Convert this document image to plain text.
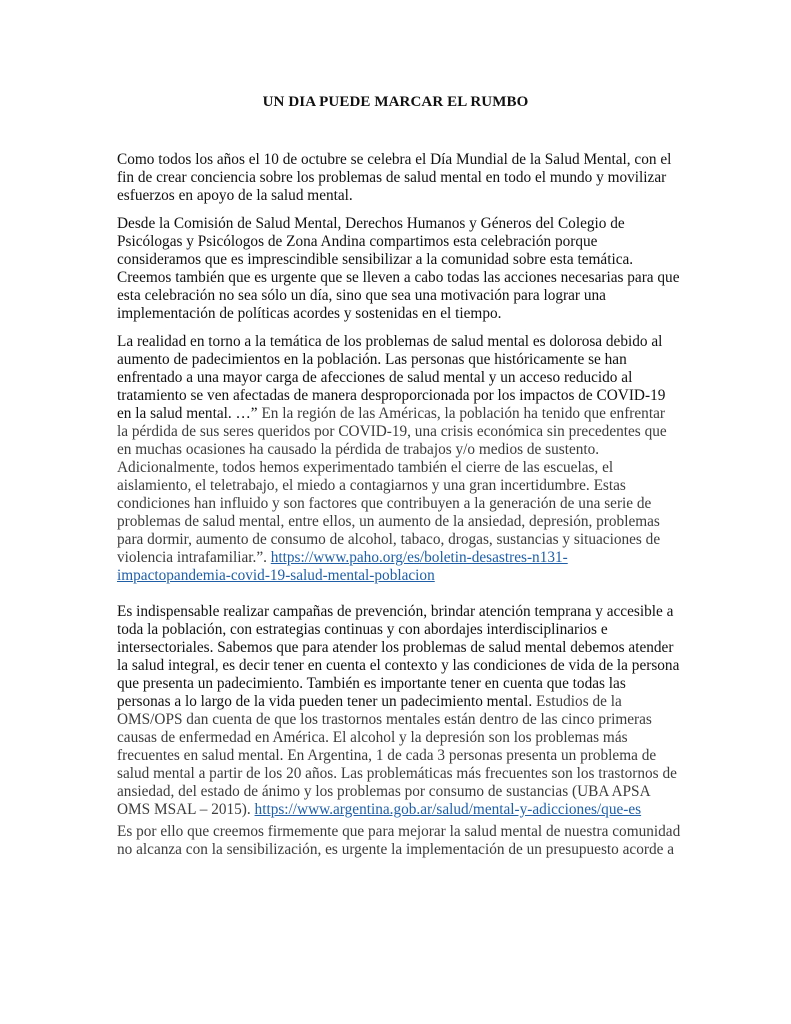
UN DIA PUEDE MARCAR EL RUMBO
Como todos los años el 10 de octubre se celebra el Día Mundial de la Salud Mental, con el
fin de crear conciencia sobre los problemas de salud mental en todo el mundo y movilizar
esfuerzos en apoyo de la salud mental.
Desde la Comisión de Salud Mental, Derechos Humanos y Géneros del Colegio de
Psicólogas y Psicólogos de Zona Andina compartimos esta celebración porque
consideramos que es imprescindible sensibilizar a la comunidad sobre esta temática.
Creemos también que es urgente que se lleven a cabo todas las acciones necesarias para que
esta celebración no sea sólo un día, sino que sea una motivación para lograr una
implementación de políticas acordes y sostenidas en el tiempo.
La realidad en torno a la temática de los problemas de salud mental es dolorosa debido al
aumento de padecimientos en la población. Las personas que históricamente se han
enfrentado a una mayor carga de afecciones de salud mental y un acceso reducido al
tratamiento se ven afectadas de manera desproporcionada por los impactos de COVID-19
en la salud mental. …” En la región de las Américas, la población ha tenido que enfrentar
la pérdida de sus seres queridos por COVID-19, una crisis económica sin precedentes que
en muchas ocasiones ha causado la pérdida de trabajos y/o medios de sustento.
Adicionalmente, todos hemos experimentado también el cierre de las escuelas, el
aislamiento, el teletrabajo, el miedo a contagiarnos y una gran incertidumbre. Estas
condiciones han influido y son factores que contribuyen a la generación de una serie de
problemas de salud mental, entre ellos, un aumento de la ansiedad, depresión, problemas
para dormir, aumento de consumo de alcohol, tabaco, drogas, sustancias y situaciones de
violencia intrafamiliar.”. https://www.paho.org/es/boletin-desastres-n131-
impactopandemia-covid-19-salud-mental-poblacion
Es indispensable realizar campañas de prevención, brindar atención temprana y accesible a
toda la población, con estrategias continuas y con abordajes interdisciplinarios e
intersectoriales. Sabemos que para atender los problemas de salud mental debemos atender
la salud integral, es decir tener en cuenta el contexto y las condiciones de vida de la persona
que presenta un padecimiento. También es importante tener en cuenta que todas las
personas a lo largo de la vida pueden tener un padecimiento mental. Estudios de la
OMS/OPS dan cuenta de que los trastornos mentales están dentro de las cinco primeras
causas de enfermedad en América. El alcohol y la depresión son los problemas más
frecuentes en salud mental. En Argentina, 1 de cada 3 personas presenta un problema de
salud mental a partir de los 20 años. Las problemáticas más frecuentes son los trastornos de
ansiedad, del estado de ánimo y los problemas por consumo de sustancias (UBA APSA
OMS MSAL – 2015). https://www.argentina.gob.ar/salud/mental-y-adicciones/que-es
Es por ello que creemos firmemente que para mejorar la salud mental de nuestra comunidad
no alcanza con la sensibilización, es urgente la implementación de un presupuesto acorde a
